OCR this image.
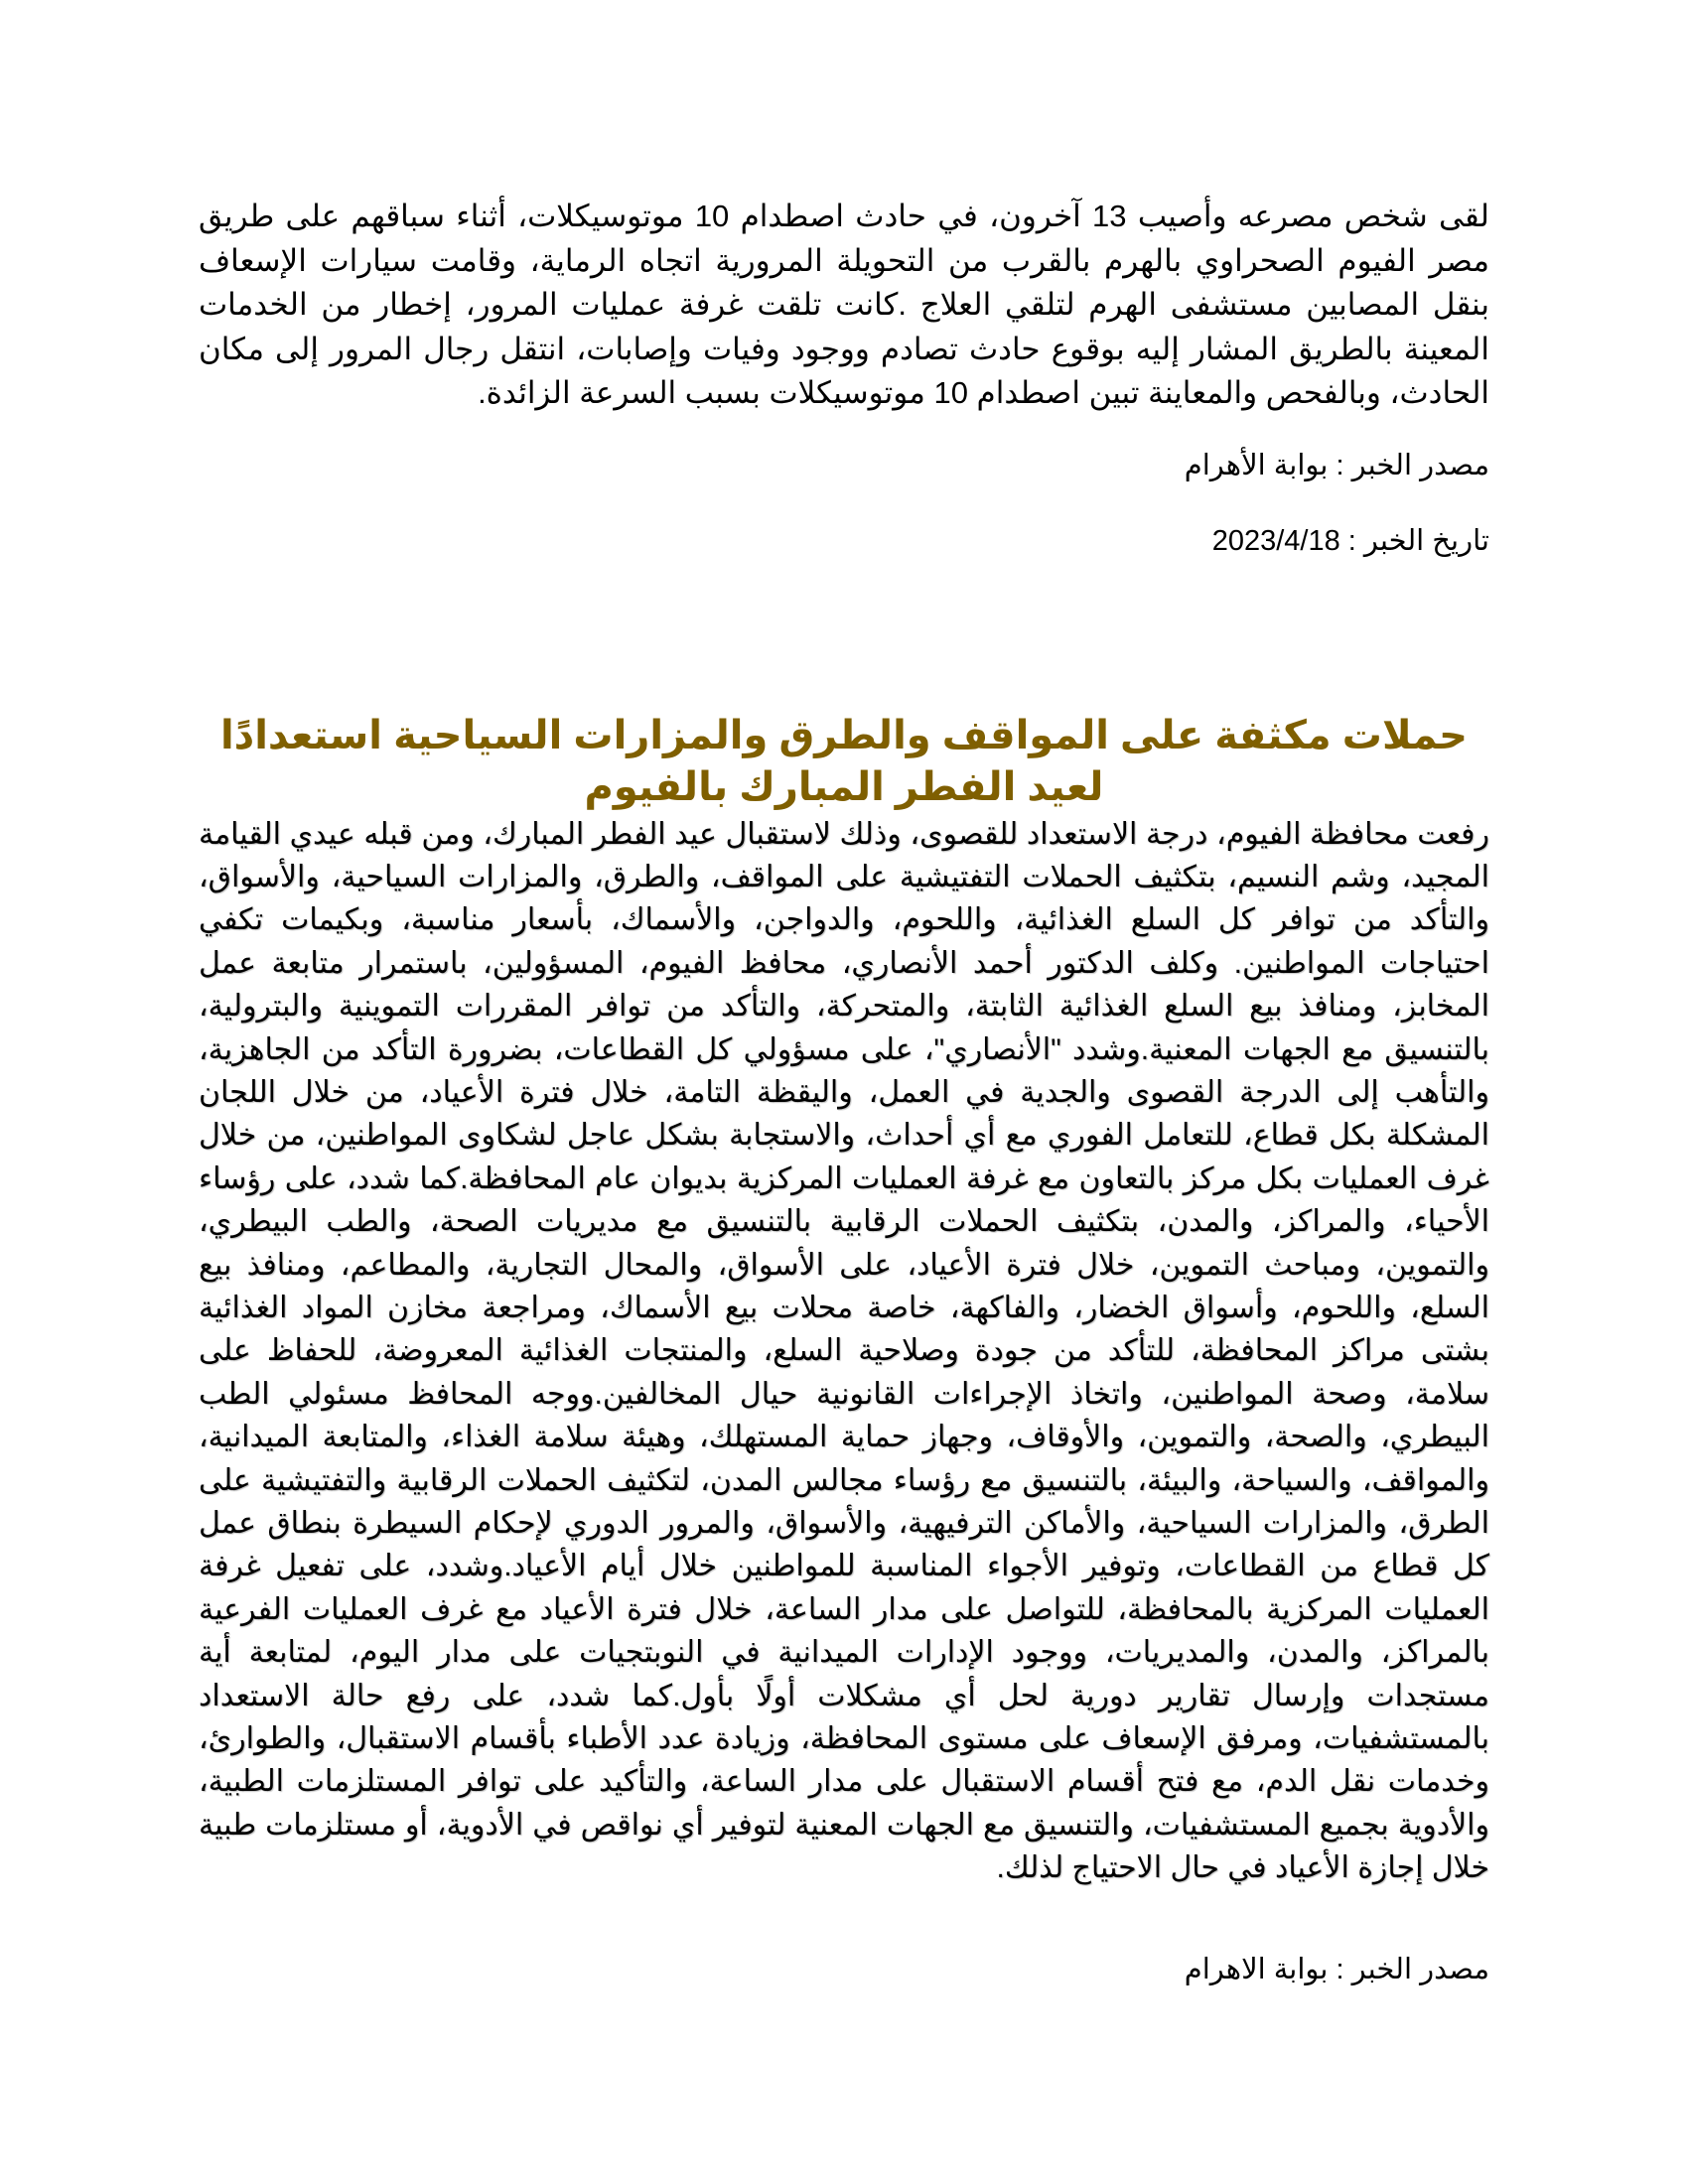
لقى شخص مصرعه وأصيب 13 آخرون، في حادث اصطدام 10 موتوسيكلات، أثناء سباقهم على طريق مصر الفيوم الصحراوي بالهرم بالقرب من التحويلة المرورية اتجاه الرماية، وقامت سيارات الإسعاف بنقل المصابين مستشفى الهرم لتلقي العلاج .كانت تلقت غرفة عمليات المرور، إخطار من الخدمات المعينة بالطريق المشار إليه بوقوع حادث تصادم ووجود وفيات وإصابات، انتقل رجال المرور إلى مكان الحادث، وبالفحص والمعاينة تبين اصطدام 10 موتوسيكلات بسبب السرعة الزائدة.

مصدر الخبر : بوابة الأهرام

تاريخ الخبر : 2023/4/18

حملات مكثفة على المواقف والطرق والمزارات السياحية استعدادًا لعيد الفطر المبارك بالفيوم

رفعت محافظة الفيوم، درجة الاستعداد للقصوى، وذلك لاستقبال عيد الفطر المبارك، ومن قبله عيدي القيامة المجيد، وشم النسيم، بتكثيف الحملات التفتيشية على المواقف، والطرق، والمزارات السياحية، والأسواق، والتأكد من توافر كل السلع الغذائية، واللحوم، والدواجن، والأسماك، بأسعار مناسبة، وبكيمات تكفي احتياجات المواطنين. وكلف الدكتور أحمد الأنصاري، محافظ الفيوم، المسؤولين، باستمرار متابعة عمل المخابز، ومنافذ بيع السلع الغذائية الثابتة، والمتحركة، والتأكد من توافر المقررات التموينية والبترولية، بالتنسيق مع الجهات المعنية.وشدد "الأنصاري"، على مسؤولي كل القطاعات، بضرورة التأكد من الجاهزية، والتأهب إلى الدرجة القصوى والجدية في العمل، واليقظة التامة، خلال فترة الأعياد، من خلال اللجان المشكلة بكل قطاع، للتعامل الفوري مع أي أحداث، والاستجابة بشكل عاجل لشكاوى المواطنين، من خلال غرف العمليات بكل مركز بالتعاون مع غرفة العمليات المركزية بديوان عام المحافظة.كما شدد، على رؤساء الأحياء، والمراكز، والمدن، بتكثيف الحملات الرقابية بالتنسيق مع مديريات الصحة، والطب البيطري، والتموين، ومباحث التموين، خلال فترة الأعياد، على الأسواق، والمحال التجارية، والمطاعم، ومنافذ بيع السلع، واللحوم، وأسواق الخضار، والفاكهة، خاصة محلات بيع الأسماك، ومراجعة مخازن المواد الغذائية بشتى مراكز المحافظة، للتأكد من جودة وصلاحية السلع، والمنتجات الغذائية المعروضة، للحفاظ على سلامة، وصحة المواطنين، واتخاذ الإجراءات القانونية حيال المخالفين.ووجه المحافظ مسئولي الطب البيطري، والصحة، والتموين، والأوقاف، وجهاز حماية المستهلك، وهيئة سلامة الغذاء، والمتابعة الميدانية، والمواقف، والسياحة، والبيئة، بالتنسيق مع رؤساء مجالس المدن، لتكثيف الحملات الرقابية والتفتيشية على الطرق، والمزارات السياحية، والأماكن الترفيهية، والأسواق، والمرور الدوري لإحكام السيطرة بنطاق عمل كل قطاع من القطاعات، وتوفير الأجواء المناسبة للمواطنين خلال أيام الأعياد.وشدد، على تفعيل غرفة العمليات المركزية بالمحافظة، للتواصل على مدار الساعة، خلال فترة الأعياد مع غرف العمليات الفرعية بالمراكز، والمدن، والمديريات، ووجود الإدارات الميدانية في النوبتجيات على مدار اليوم، لمتابعة أية مستجدات وإرسال تقارير دورية لحل أي مشكلات أولًا بأول.كما شدد، على رفع حالة الاستعداد بالمستشفيات، ومرفق الإسعاف على مستوى المحافظة، وزيادة عدد الأطباء بأقسام الاستقبال، والطوارئ، وخدمات نقل الدم، مع فتح أقسام الاستقبال على مدار الساعة، والتأكيد على توافر المستلزمات الطبية، والأدوية بجميع المستشفيات، والتنسيق مع الجهات المعنية لتوفير أي نواقص في الأدوية، أو مستلزمات طبية خلال إجازة الأعياد في حال الاحتياج لذلك.

مصدر الخبر : بوابة الاهرام
